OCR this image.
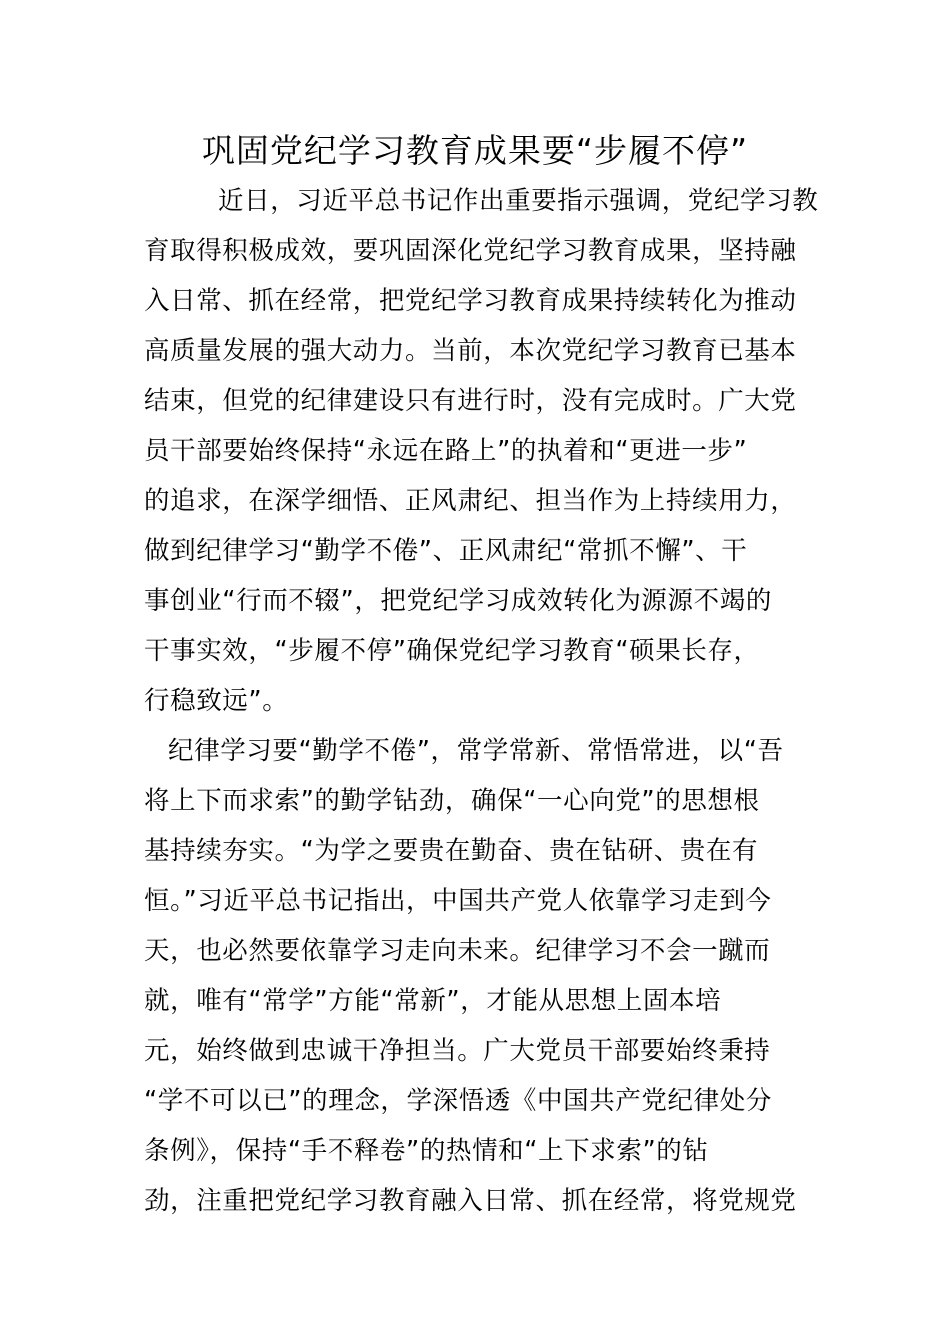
巩固党纪学习教育成果要“步履不停”
近日，习近平总书记作出重要指示强调，党纪学习教
育取得积极成效，要巩固深化党纪学习教育成果，坚持融
入日常、抓在经常，把党纪学习教育成果持续转化为推动
高质量发展的强大动力。当前，本次党纪学习教育已基本
结束，但党的纪律建设只有进行时，没有完成时。广大党
员干部要始终保持“永远在路上”的执着和“更进一步”
的追求，在深学细悟、正风肃纪、担当作为上持续用力，
做到纪律学习“勤学不倦”、正风肃纪“常抓不懈”、干
事创业“行而不辍”，把党纪学习成效转化为源源不竭的
干事实效，“步履不停”确保党纪学习教育“硕果长存，
行稳致远”。
纪律学习要“勤学不倦”，常学常新、常悟常进，以“吾
将上下而求索”的勤学钻劲，确保“一心向党”的思想根
基持续夯实。“为学之要贵在勤奋、贵在钻研、贵在有
恒。”习近平总书记指出，中国共产党人依靠学习走到今
天，也必然要依靠学习走向未来。纪律学习不会一蹴而
就，唯有“常学”方能“常新”，才能从思想上固本培
元，始终做到忠诚干净担当。广大党员干部要始终秉持
“学不可以已”的理念，学深悟透《中国共产党纪律处分
条例》，保持“手不释卷”的热情和“上下求索”的钻
劲，注重把党纪学习教育融入日常、抓在经常，将党规党
